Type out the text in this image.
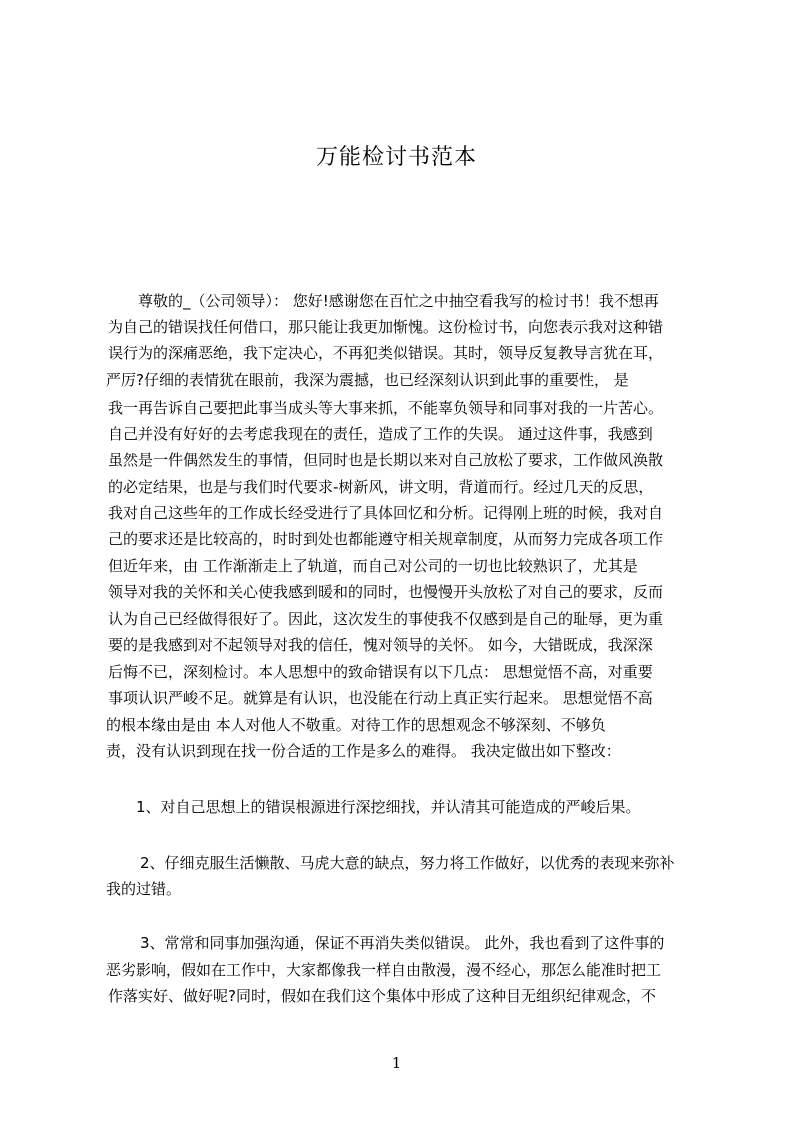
万能检讨书范本
尊敬的_（公司领导）： 您好!感谢您在百忙之中抽空看我写的检讨书！我不想再
为自己的错误找任何借口，那只能让我更加惭愧。这份检讨书，向您表示我对这种错
误行为的深痛恶绝，我下定决心，不再犯类似错误。其时，领导反复教导言犹在耳，
严厉?仔细的表情犹在眼前，我深为震撼，也已经深刻认识到此事的重要性， 是
我一再告诉自己要把此事当成头等大事来抓，不能辜负领导和同事对我的一片苦心。
自己并没有好好的去考虑我现在的责任，造成了工作的失误。 通过这件事，我感到
虽然是一件偶然发生的事情，但同时也是长期以来对自己放松了要求，工作做风涣散
的必定结果，也是与我们时代要求-树新风，讲文明，背道而行。经过几天的反思，
我对自己这些年的工作成长经受进行了具体回忆和分析。记得刚上班的时候，我对自
己的要求还是比较高的，时时到处也都能遵守相关规章制度，从而努力完成各项工作
但近年来，由 工作渐渐走上了轨道，而自己对公司的一切也比较熟识了，尤其是
领导对我的关怀和关心使我感到暖和的同时，也慢慢开头放松了对自己的要求，反而
认为自己已经做得很好了。因此，这次发生的事使我不仅感到是自己的耻辱，更为重
要的是我感到对不起领导对我的信任，愧对领导的关怀。 如今，大错既成，我深深
后悔不已，深刻检讨。本人思想中的致命错误有以下几点： 思想觉悟不高，对重要
事项认识严峻不足。就算是有认识，也没能在行动上真正实行起来。 思想觉悟不高
的根本缘由是由 本人对他人不敬重。对待工作的思想观念不够深刻、不够负
责，没有认识到现在找一份合适的工作是多么的难得。 我决定做出如下整改：
1、对自己思想上的错误根源进行深挖细找，并认清其可能造成的严峻后果。
2、仔细克服生活懒散、马虎大意的缺点，努力将工作做好，以优秀的表现来弥补
我的过错。
3、常常和同事加强沟通，保证不再消失类似错误。 此外，我也看到了这件事的
恶劣影响，假如在工作中，大家都像我一样自由散漫，漫不经心，那怎么能准时把工
作落实好、做好呢?同时，假如在我们这个集体中形成了这种目无组织纪律观念，不
1
